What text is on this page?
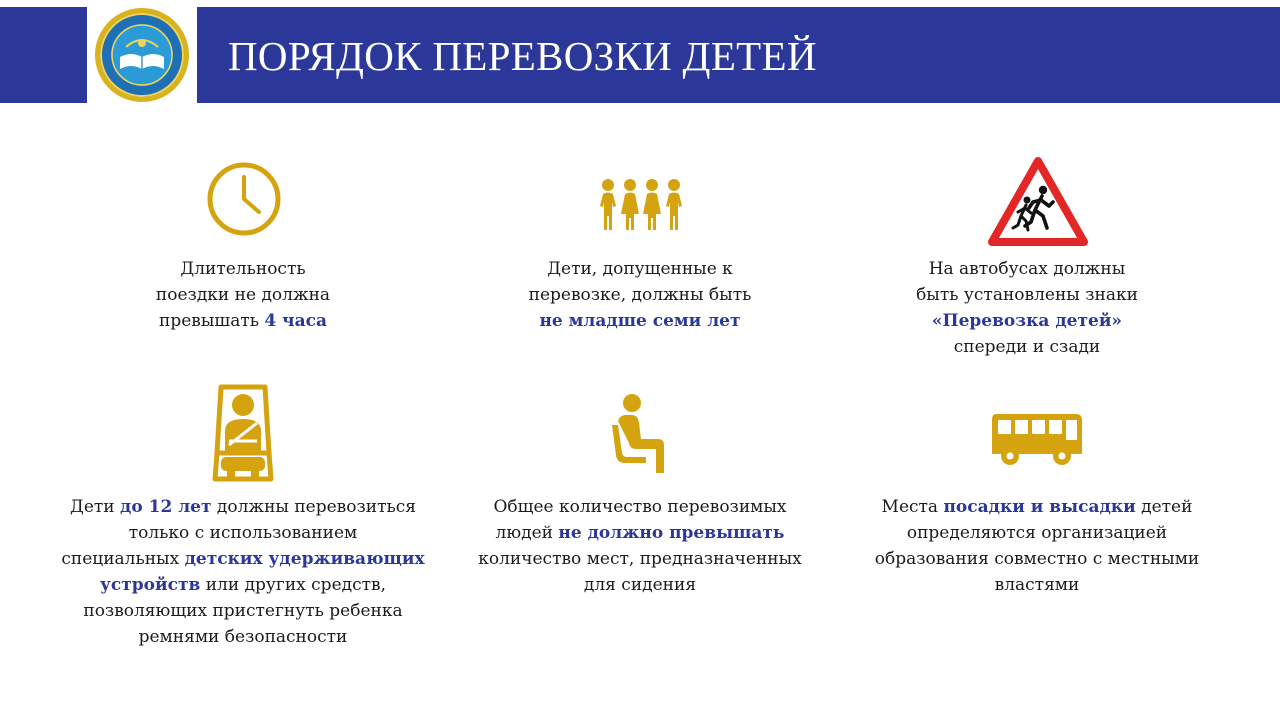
ПОРЯДОК ПЕРЕВОЗКИ ДЕТЕЙ
Длительность
поездки не должна
превышать 4 часа
Дети, допущенные к
перевозке, должны быть
не младше семи лет
На автобусах должны
быть установлены знаки
«Перевозка детей»
спереди и сзади
Дети до 12 лет должны перевозиться
только с использованием
специальных детских удерживающих
устройств или других средств,
позволяющих пристегнуть ребенка
ремнями безопасности
Общее количество перевозимых
людей не должно превышать
количество мест, предназначенных
для сидения
Места посадки и высадки детей
определяются организацией
образования совместно с местными
властями
